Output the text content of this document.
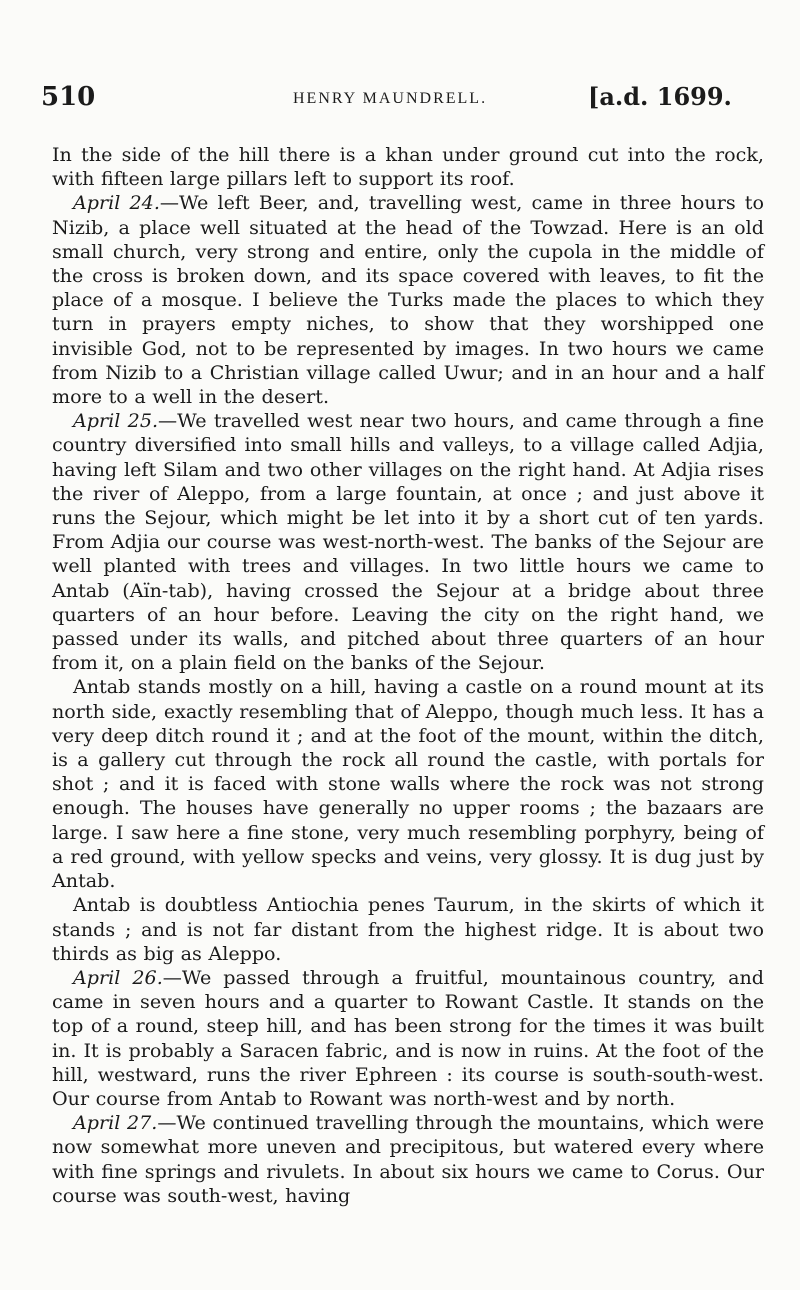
510	HENRY MAUNDRELL.	[a.d. 1699.

In the side of the hill there is a khan under ground cut into the rock, with fifteen large pillars left to support its roof.

April 24.—We left Beer, and, travelling west, came in three hours to Nizib, a place well situated at the head of the Towzad. Here is an old small church, very strong and entire, only the cupola in the middle of the cross is broken down, and its space covered with leaves, to fit the place of a mosque. I believe the Turks made the places to which they turn in prayers empty niches, to show that they worshipped one invisible God, not to be represented by images. In two hours we came from Nizib to a Christian village called Uwur; and in an hour and a half more to a well in the desert.

April 25.—We travelled west near two hours, and came through a fine country diversified into small hills and valleys, to a village called Adjia, having left Silam and two other villages on the right hand. At Adjia rises the river of Aleppo, from a large fountain, at once ; and just above it runs the Sejour, which might be let into it by a short cut of ten yards. From Adjia our course was west-north-west. The banks of the Sejour are well planted with trees and villages. In two little hours we came to Antab (Aïn-tab), having crossed the Sejour at a bridge about three quarters of an hour before. Leaving the city on the right hand, we passed under its walls, and pitched about three quarters of an hour from it, on a plain field on the banks of the Sejour.

Antab stands mostly on a hill, having a castle on a round mount at its north side, exactly resembling that of Aleppo, though much less. It has a very deep ditch round it ; and at the foot of the mount, within the ditch, is a gallery cut through the rock all round the castle, with portals for shot ; and it is faced with stone walls where the rock was not strong enough. The houses have generally no upper rooms ; the bazaars are large. I saw here a fine stone, very much resembling porphyry, being of a red ground, with yellow specks and veins, very glossy. It is dug just by Antab.

Antab is doubtless Antiochia penes Taurum, in the skirts of which it stands ; and is not far distant from the highest ridge. It is about two thirds as big as Aleppo.

April 26.—We passed through a fruitful, mountainous country, and came in seven hours and a quarter to Rowant Castle. It stands on the top of a round, steep hill, and has been strong for the times it was built in. It is probably a Saracen fabric, and is now in ruins. At the foot of the hill, westward, runs the river Ephreen : its course is south-south-west. Our course from Antab to Rowant was north-west and by north.

April 27.—We continued travelling through the mountains, which were now somewhat more uneven and precipitous, but watered every where with fine springs and rivulets. In about six hours we came to Corus. Our course was south-west, having
